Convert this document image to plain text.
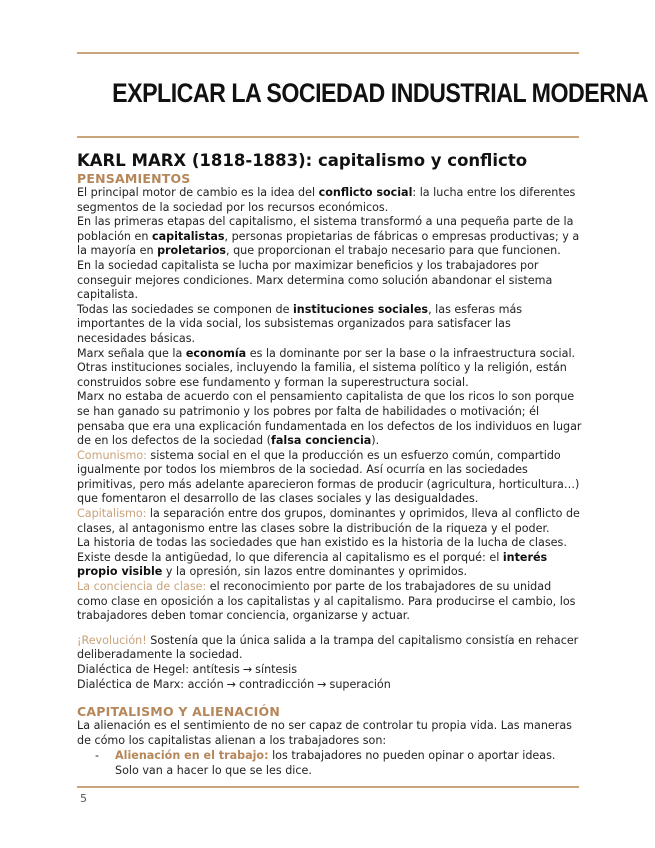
EXPLICAR LA SOCIEDAD INDUSTRIAL MODERNA
KARL MARX (1818-1883): capitalismo y conflicto
PENSAMIENTOS

El principal motor de cambio es la idea del conflicto social: la lucha entre los diferentes segmentos de la sociedad por los recursos económicos.

En las primeras etapas del capitalismo, el sistema transformó a una pequeña parte de la población en capitalistas, personas propietarias de fábricas o empresas productivas; y a la mayoría en proletarios, que proporcionan el trabajo necesario para que funcionen.

En la sociedad capitalista se lucha por maximizar beneficios y los trabajadores por conseguir mejores condiciones. Marx determina como solución abandonar el sistema capitalista.

Todas las sociedades se componen de instituciones sociales, las esferas más importantes de la vida social, los subsistemas organizados para satisfacer las necesidades básicas.

Marx señala que la economía es la dominante por ser la base o la infraestructura social.

Otras instituciones sociales, incluyendo la familia, el sistema político y la religión, están construidos sobre ese fundamento y forman la superestructura social.

Marx no estaba de acuerdo con el pensamiento capitalista de que los ricos lo son porque se han ganado su patrimonio y los pobres por falta de habilidades o motivación; él pensaba que era una explicación fundamentada en los defectos de los individuos en lugar de en los defectos de la sociedad (falsa conciencia).

Comunismo: sistema social en el que la producción es un esfuerzo común, compartido igualmente por todos los miembros de la sociedad. Así ocurría en las sociedades primitivas, pero más adelante aparecieron formas de producir (agricultura, horticultura…) que fomentaron el desarrollo de las clases sociales y las desigualdades.

Capitalismo: la separación entre dos grupos, dominantes y oprimidos, lleva al conflicto de clases, al antagonismo entre las clases sobre la distribución de la riqueza y el poder.

La historia de todas las sociedades que han existido es la historia de la lucha de clases.

Existe desde la antigüedad, lo que diferencia al capitalismo es el porqué: el interés propio visible y la opresión, sin lazos entre dominantes y oprimidos.

La conciencia de clase: el reconocimiento por parte de los trabajadores de su unidad como clase en oposición a los capitalistas y al capitalismo. Para producirse el cambio, los trabajadores deben tomar conciencia, organizarse y actuar.

¡Revolución! Sostenía que la única salida a la trampa del capitalismo consistía en rehacer deliberadamente la sociedad.

Dialéctica de Hegel: antítesis → síntesis

Dialéctica de Marx: acción → contradicción → superación

CAPITALISMO Y ALIENACIÓN

La alienación es el sentimiento de no ser capaz de controlar tu propia vida. Las maneras de cómo los capitalistas alienan a los trabajadores son:

-	Alienación en el trabajo: los trabajadores no pueden opinar o aportar ideas. Solo van a hacer lo que se les dice.

5
